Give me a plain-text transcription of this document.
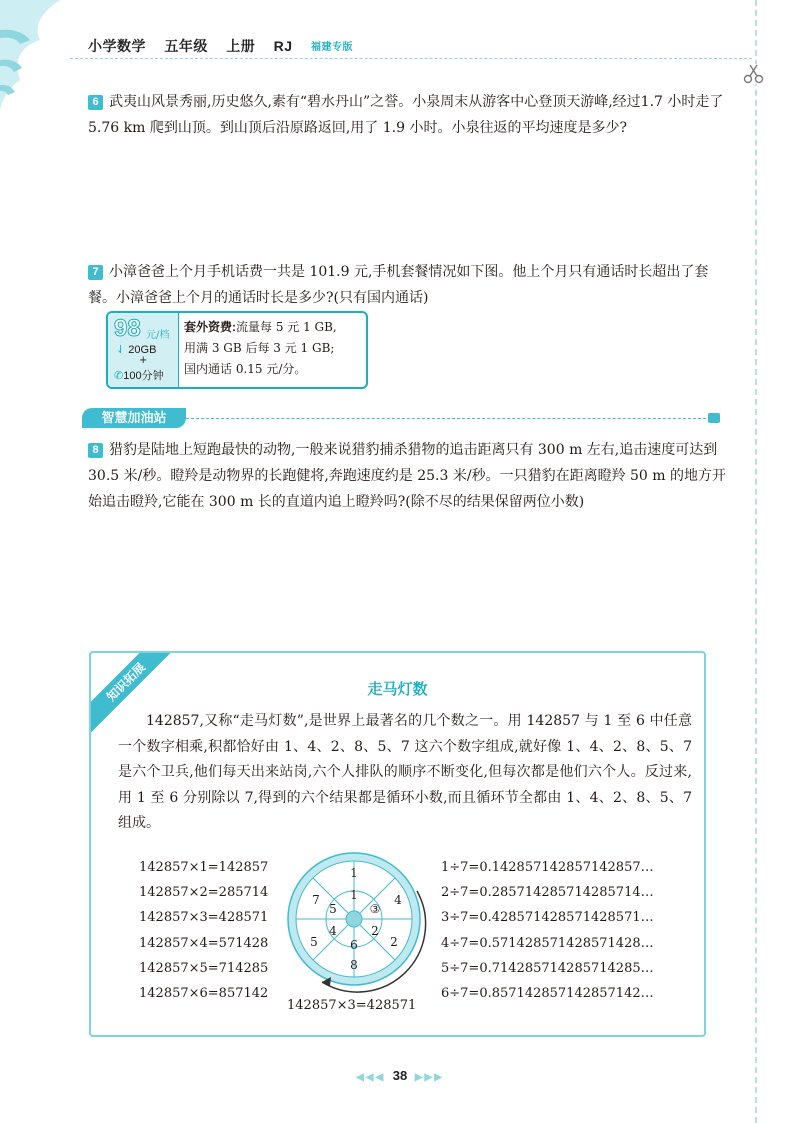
小学数学 五年级 上册 RJ 福建专版
6 武夷山风景秀丽,历史悠久,素有“碧水丹山”之誉。小泉周末从游客中心登顶天游峰,经过1.7 小时走了 5.76 km 爬到山顶。到山顶后沿原路返回,用了 1.9 小时。小泉往返的平均速度是多少?
7 小漳爸爸上个月手机话费一共是 101.9 元,手机套餐情况如下图。他上个月只有通话时长超出了套餐。小漳爸爸上个月的通话时长是多少?(只有国内通话)
98 元/档
⇃ 20GB
+
✆100分钟
套外资费:流量每 5 元 1 GB,
用满 3 GB 后每 3 元 1 GB;
国内通话 0.15 元/分。
智慧加油站
8 猎豹是陆地上短跑最快的动物,一般来说猎豹捕杀猎物的追击距离只有 300 m 左右,追击速度可达到30.5 米/秒。瞪羚是动物界的长跑健将,奔跑速度约是 25.3 米/秒。一只猎豹在距离瞪羚 50 m 的地方开始追击瞪羚,它能在 300 m 长的直道内追上瞪羚吗?(除不尽的结果保留两位小数)
知识拓展	走马灯数
142857,又称“走马灯数”,是世界上最著名的几个数之一。用 142857 与 1 至 6 中任意一个数字相乘,积都恰好由 1、4、2、8、5、7 这六个数字组成,就好像 1、4、2、8、5、7 是六个卫兵,他们每天出来站岗,六个人排队的顺序不断变化,但每次都是他们六个人。反过来,用 1 至 6 分别除以 7,得到的六个结果都是循环小数,而且循环节全都由 1、4、2、8、5、7 组成。
142857×1=142857
142857×2=285714
142857×3=428571
142857×4=571428
142857×5=714285
142857×6=857142
1
4
2
8
5
7	1
③
2
6
4
5
142857×3=428571
1÷7=0.142857142857142857…
2÷7=0.285714285714285714…
3÷7=0.428571428571428571…
4÷7=0.571428571428571428…
5÷7=0.714285714285714285…
6÷7=0.857142857142857142…
◀◀◀ 38 ▶▶▶
